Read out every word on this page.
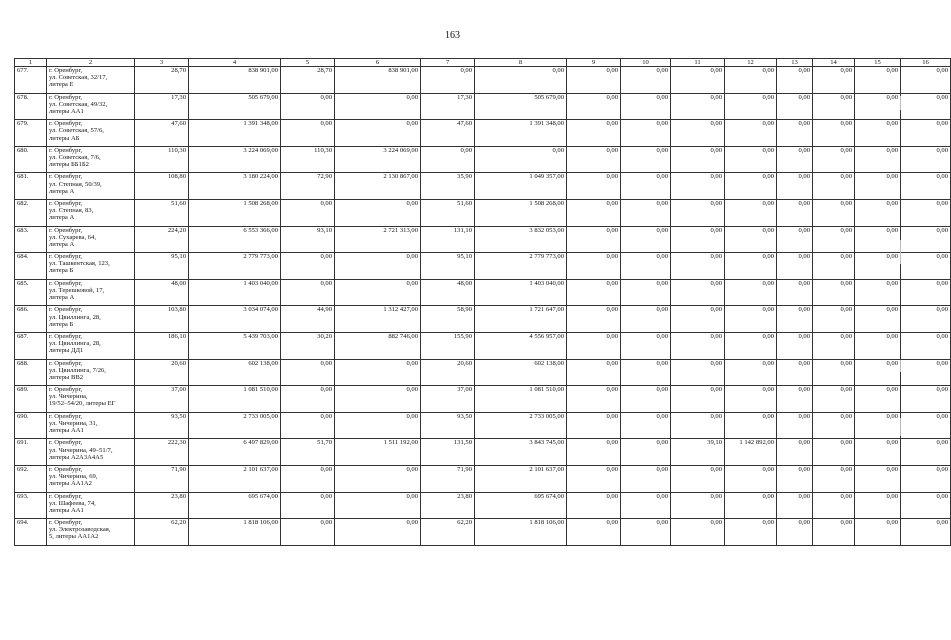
163
1	2	3	4	5	6	7	8	9	10	11	12	13	14	15	16
677.	г. Оренбург,
ул. Советская, 32/17,
литера Е	28,70	838 901,00	28,70	838 901,00	0,00	0,00	0,00	0,00	0,00	0,00	0,00	0,00	0,00	0,00
678.	г. Оренбург,
ул. Советская, 49/32,
литеры АА1	17,30	505 679,00	0,00	0,00	17,30	505 679,00	0,00	0,00	0,00	0,00	0,00	0,00	0,00	0,00
679.	г. Оренбург,
ул. Советская, 57/6,
литеры АБ	47,60	1 391 348,00	0,00	0,00	47,60	1 391 348,00	0,00	0,00	0,00	0,00	0,00	0,00	0,00	0,00
680.	г. Оренбург,
ул. Советская, 7/6,
литеры ББ1Б2	110,30	3 224 069,00	110,30	3 224 069,00	0,00	0,00	0,00	0,00	0,00	0,00	0,00	0,00	0,00	0,00
681.	г. Оренбург,
ул. Степная, 50/39,
литера А	108,80	3 180 224,00	72,90	2 130 867,00	35,90	1 049 357,00	0,00	0,00	0,00	0,00	0,00	0,00	0,00	0,00
682.	г. Оренбург,
ул. Степная, 83,
литера А	51,60	1 508 268,00	0,00	0,00	51,60	1 508 268,00	0,00	0,00	0,00	0,00	0,00	0,00	0,00	0,00
683.	г. Оренбург,
ул. Сухарева, 64,
литера А	224,20	6 553 366,00	93,10	2 721 313,00	131,10	3 832 053,00	0,00	0,00	0,00	0,00	0,00	0,00	0,00	0,00
684.	г. Оренбург,
ул. Ташкентская, 123,
литера Б	95,10	2 779 773,00	0,00	0,00	95,10	2 779 773,00	0,00	0,00	0,00	0,00	0,00	0,00	0,00	0,00
685.	г. Оренбург,
ул. Терешковой, 17,
литера А	48,00	1 403 040,00	0,00	0,00	48,00	1 403 040,00	0,00	0,00	0,00	0,00	0,00	0,00	0,00	0,00
686.	г. Оренбург,
ул. Цвиллинга, 28,
литера Б	103,80	3 034 074,00	44,90	1 312 427,00	58,90	1 721 647,00	0,00	0,00	0,00	0,00	0,00	0,00	0,00	0,00
687.	г. Оренбург,
ул. Цвиллинга, 28,
литеры ДД1	186,10	5 439 703,00	30,20	882 746,00	155,90	4 556 957,00	0,00	0,00	0,00	0,00	0,00	0,00	0,00	0,00
688.	г. Оренбург,
ул. Цвиллинга, 7/26,
литеры ВВ2	20,60	602 138,00	0,00	0,00	20,60	602 138,00	0,00	0,00	0,00	0,00	0,00	0,00	0,00	0,00
689.	г. Оренбург,
ул. Чичерина,
19/52–54/20, литеры ЕГ	37,00	1 081 510,00	0,00	0,00	37,00	1 081 510,00	0,00	0,00	0,00	0,00	0,00	0,00	0,00	0,00
690.	г. Оренбург,
ул. Чичерина, 31,
литеры АА1	93,50	2 733 005,00	0,00	0,00	93,50	2 733 005,00	0,00	0,00	0,00	0,00	0,00	0,00	0,00	0,00
691.	г. Оренбург,
ул. Чичерина, 49–51/7,
литеры А2А3А4А5	222,30	6 497 829,00	51,70	1 511 192,00	131,50	3 843 745,00	0,00	0,00	39,10	1 142 892,00	0,00	0,00	0,00	0,00
692.	г. Оренбург,
ул. Чичерина, 69,
литеры АА1А2	71,90	2 101 637,00	0,00	0,00	71,90	2 101 637,00	0,00	0,00	0,00	0,00	0,00	0,00	0,00	0,00
693.	г. Оренбург,
ул. Шафеева, 74,
литеры АА1	23,80	695 674,00	0,00	0,00	23,80	695 674,00	0,00	0,00	0,00	0,00	0,00	0,00	0,00	0,00
694.	г. Оренбург,
ул. Электрозаводская,
5, литеры АА1А2	62,20	1 818 106,00	0,00	0,00	62,20	1 818 106,00	0,00	0,00	0,00	0,00	0,00	0,00	0,00	0,00
